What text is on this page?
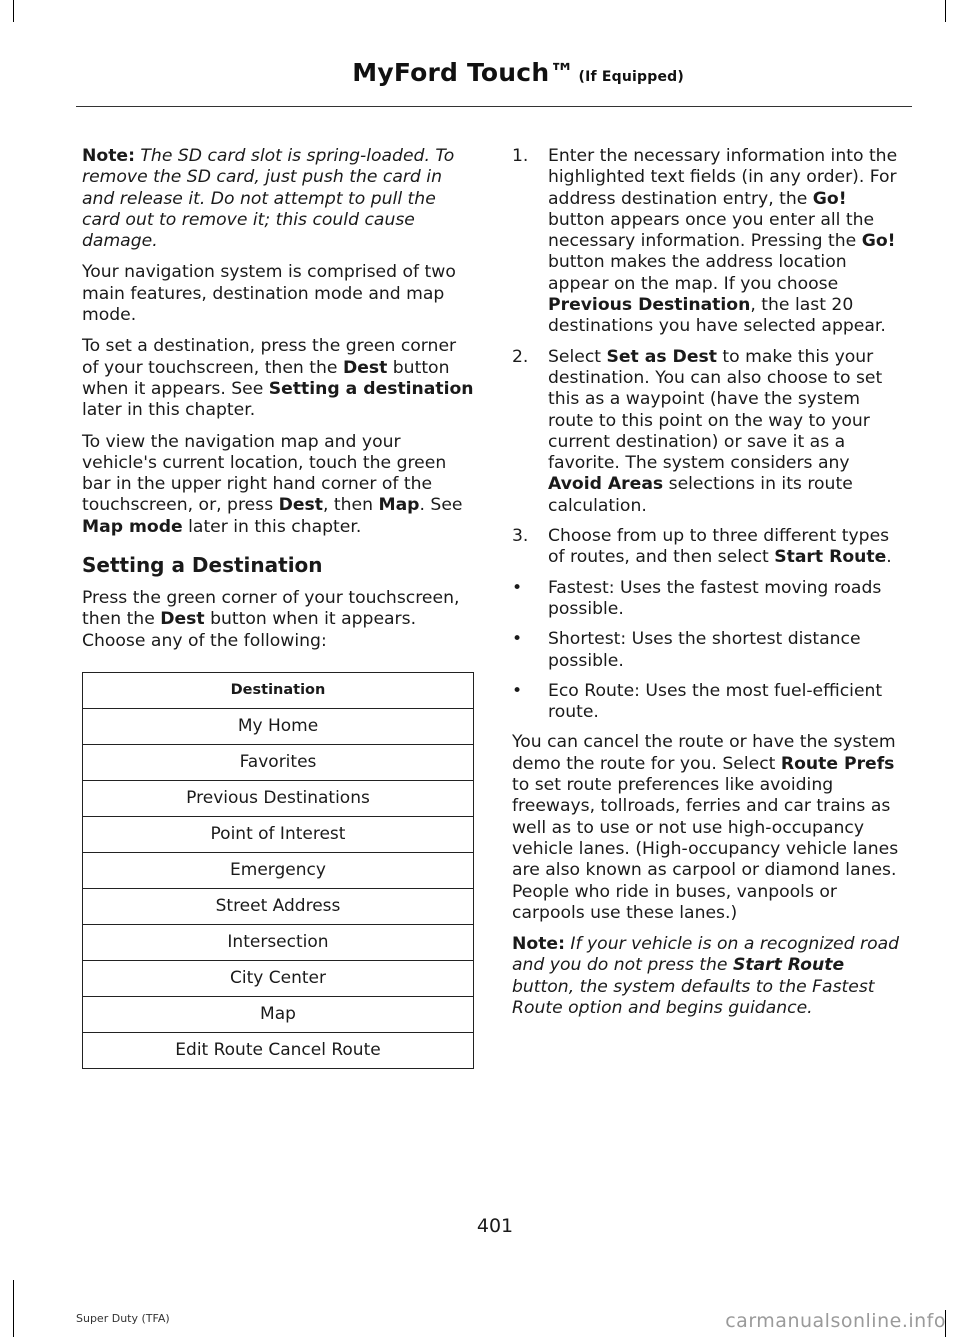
MyFord Touch™ (If Equipped)

Note: The SD card slot is spring-loaded. To remove the SD card, just push the card in and release it. Do not attempt to pull the card out to remove it; this could cause damage.

Your navigation system is comprised of two main features, destination mode and map mode.

To set a destination, press the green corner of your touchscreen, then the Dest button when it appears. See Setting a destination later in this chapter.

To view the navigation map and your vehicle's current location, touch the green bar in the upper right hand corner of the touchscreen, or, press Dest, then Map. See Map mode later in this chapter.

Setting a Destination

Press the green corner of your touchscreen, then the Dest button when it appears. Choose any of the following:

Destination
My Home
Favorites
Previous Destinations
Point of Interest
Emergency
Street Address
Intersection
City Center
Map
Edit Route Cancel Route
1. Enter the necessary information into the highlighted text fields (in any order). For address destination entry, the Go! button appears once you enter all the necessary information. Pressing the Go! button makes the address location appear on the map. If you choose Previous Destination, the last 20 destinations you have selected appear.
2. Select Set as Dest to make this your destination. You can also choose to set this as a waypoint (have the system route to this point on the way to your current destination) or save it as a favorite. The system considers any Avoid Areas selections in its route calculation.
3. Choose from up to three different types of routes, and then select Start Route.
• Fastest: Uses the fastest moving roads possible.
• Shortest: Uses the shortest distance possible.
• Eco Route: Uses the most fuel-efficient route.

You can cancel the route or have the system demo the route for you. Select Route Prefs to set route preferences like avoiding freeways, tollroads, ferries and car trains as well as to use or not use high-occupancy vehicle lanes. (High-occupancy vehicle lanes are also known as carpool or diamond lanes. People who ride in buses, vanpools or carpools use these lanes.)

Note: If your vehicle is on a recognized road and you do not press the Start Route button, the system defaults to the Fastest Route option and begins guidance.

401
Super Duty (TFA)	carmanualsonline.info
